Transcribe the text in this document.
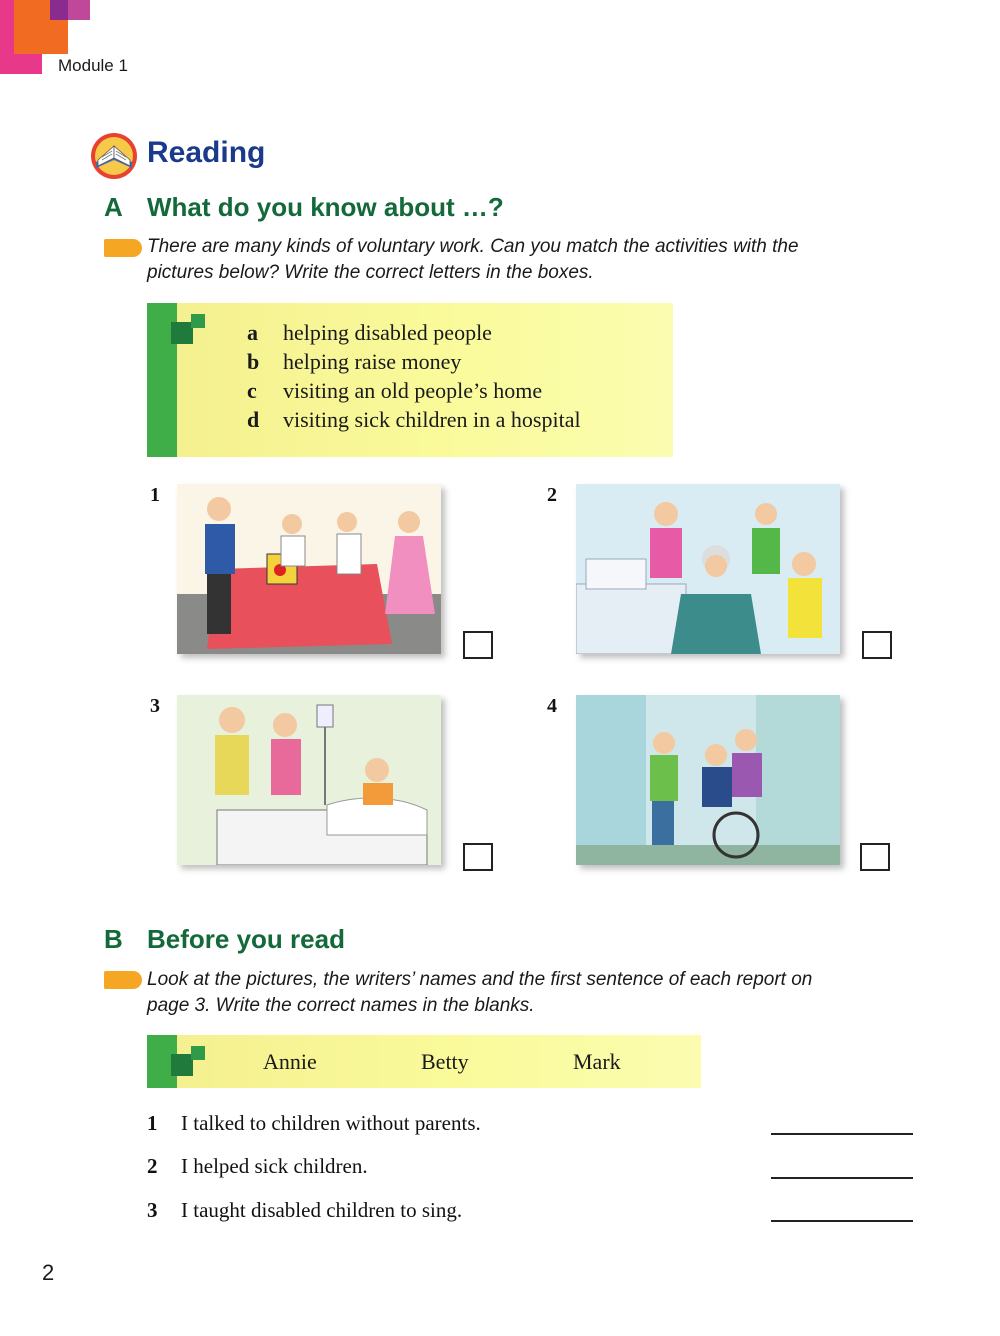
Module 1
Reading
A What do you know about …?
There are many kinds of voluntary work. Can you match the activities with the
pictures below? Write the correct letters in the boxes.
a helping disabled people
b helping raise money
c visiting an old people’s home
d visiting sick children in a hospital
1	2
3	4
B Before you read
Look at the pictures, the writers’ names and the first sentence of each report on
page 3. Write the correct names in the blanks.
Annie	Betty	Mark
1 I talked to children without parents.
2 I helped sick children.
3 I taught disabled children to sing.
2
